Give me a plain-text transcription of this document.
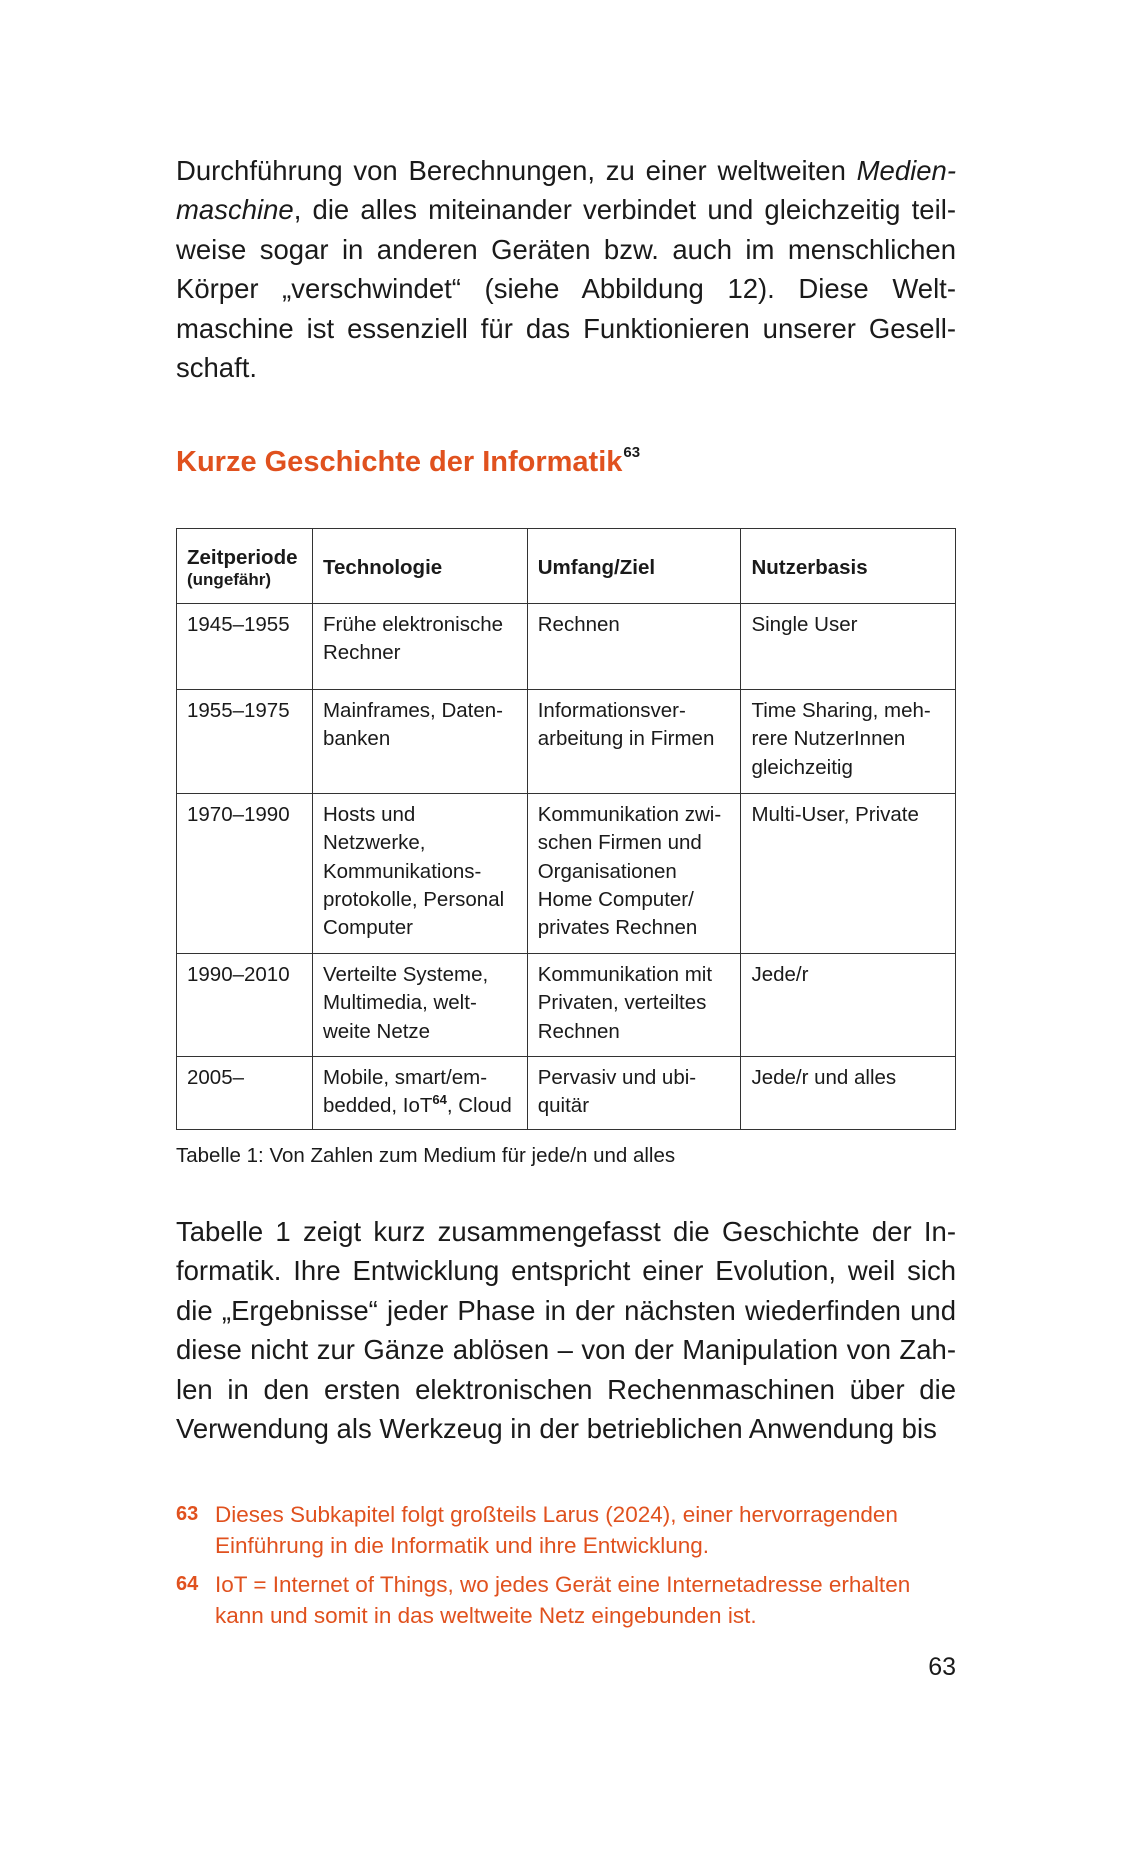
Durchführung von Berechnungen, zu einer weltweiten Medienmaschine, die alles miteinander verbindet und gleichzeitig teilweise sogar in anderen Geräten bzw. auch im menschlichen Körper „verschwindet“ (siehe Abbildung 12). Diese Weltmaschine ist essenziell für das Funktionieren unserer Gesellschaft.

Kurze Geschichte der Informatik$^{63}$
Zeitperiode
(ungefähr)	Technologie	Umfang/Ziel	Nutzerbasis
1945–1955	Frühe elektronische Rechner	Rechnen	Single User
1955–1975	Mainframes, Datenbanken	Informationsverarbeitung in Firmen	Time Sharing, mehrere NutzerInnen gleichzeitig
1970–1990	Hosts und Netzwerke, Kommunikationsprotokolle, Personal Computer	Kommunikation zwischen Firmen und Organisationen Home Computer/ privates Rechnen	Multi-User, Private
1990–2010	Verteilte Systeme, Multimedia, weltweite Netze	Kommunikation mit Privaten, verteiltes Rechnen	Jede/r
2005–	Mobile, smart/embedded, IoT$^{64}$, Cloud	Pervasiv und ubiquitär	Jede/r und alles

Tabelle 1: Von Zahlen zum Medium für jede/n und alles

Tabelle 1 zeigt kurz zusammengefasst die Geschichte der Informatik. Ihre Entwicklung entspricht einer Evolution, weil sich die „Ergebnisse“ jeder Phase in der nächsten wiederfinden und diese nicht zur Gänze ablösen – von der Manipulation von Zahlen in den ersten elektronischen Rechenmaschinen über die Verwendung als Werkzeug in der betrieblichen Anwendung bis

63 Dieses Subkapitel folgt großteils Larus (2024), einer hervorragenden Einführung in die Informatik und ihre Entwicklung.
64 IoT = Internet of Things, wo jedes Gerät eine Internetadresse erhalten kann und somit in das weltweite Netz eingebunden ist.

63
